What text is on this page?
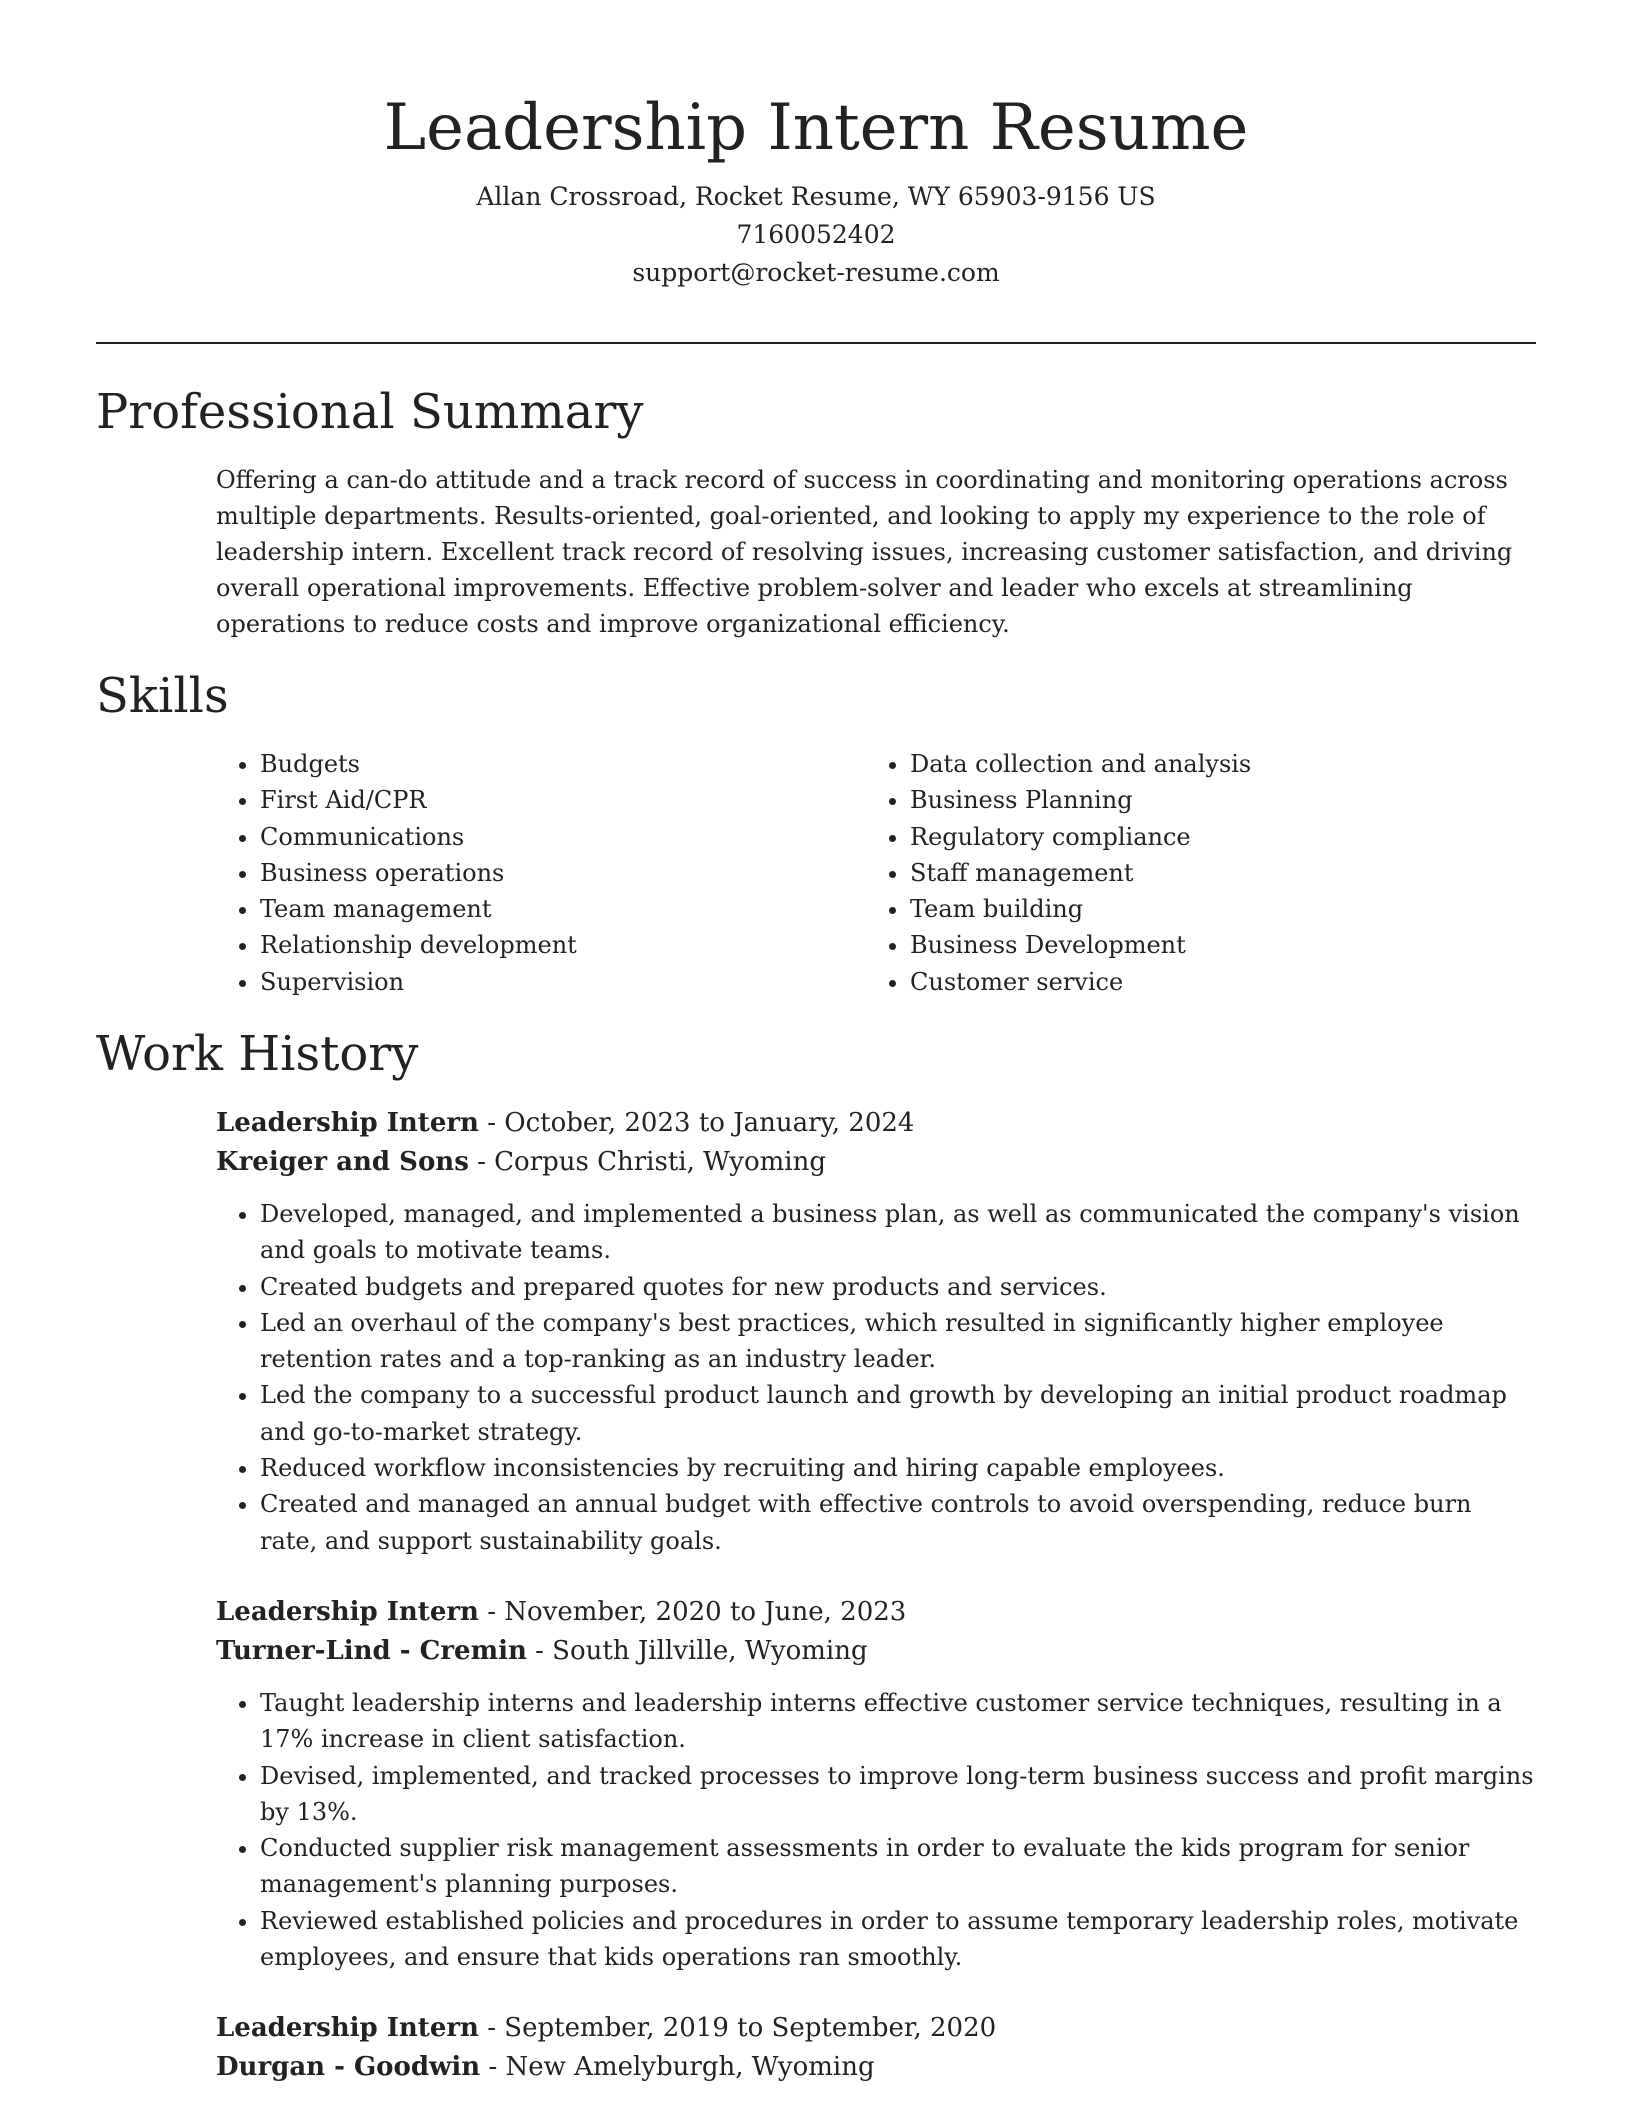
Leadership Intern Resume

Allan Crossroad, Rocket Resume, WY 65903-9156 US

7160052402

support@rocket-resume.com

Professional Summary

Offering a can-do attitude and a track record of success in coordinating and monitoring operations across multiple departments. Results-oriented, goal-oriented, and looking to apply my experience to the role of leadership intern. Excellent track record of resolving issues, increasing customer satisfaction, and driving overall operational improvements. Effective problem-solver and leader who excels at streamlining operations to reduce costs and improve organizational efficiency.

Skills
• Budgets
• First Aid/CPR
• Communications
• Business operations
• Team management
• Relationship development
• Supervision
• Data collection and analysis
• Business Planning
• Regulatory compliance
• Staff management
• Team building
• Business Development
• Customer service
Work History

Leadership Intern - October, 2023 to January, 2024

Kreiger and Sons - Corpus Christi, Wyoming

• Developed, managed, and implemented a business plan, as well as communicated the company's vision and goals to motivate teams.
• Created budgets and prepared quotes for new products and services.
• Led an overhaul of the company's best practices, which resulted in significantly higher employee retention rates and a top-ranking as an industry leader.
• Led the company to a successful product launch and growth by developing an initial product roadmap and go-to-market strategy.
• Reduced workflow inconsistencies by recruiting and hiring capable employees.
• Created and managed an annual budget with effective controls to avoid overspending, reduce burn rate, and support sustainability goals.

Leadership Intern - November, 2020 to June, 2023

Turner-Lind - Cremin - South Jillville, Wyoming

• Taught leadership interns and leadership interns effective customer service techniques, resulting in a 17% increase in client satisfaction.
• Devised, implemented, and tracked processes to improve long-term business success and profit margins by 13%.
• Conducted supplier risk management assessments in order to evaluate the kids program for senior management's planning purposes.
• Reviewed established policies and procedures in order to assume temporary leadership roles, motivate employees, and ensure that kids operations ran smoothly.

Leadership Intern - September, 2019 to September, 2020

Durgan - Goodwin - New Amelyburgh, Wyoming
